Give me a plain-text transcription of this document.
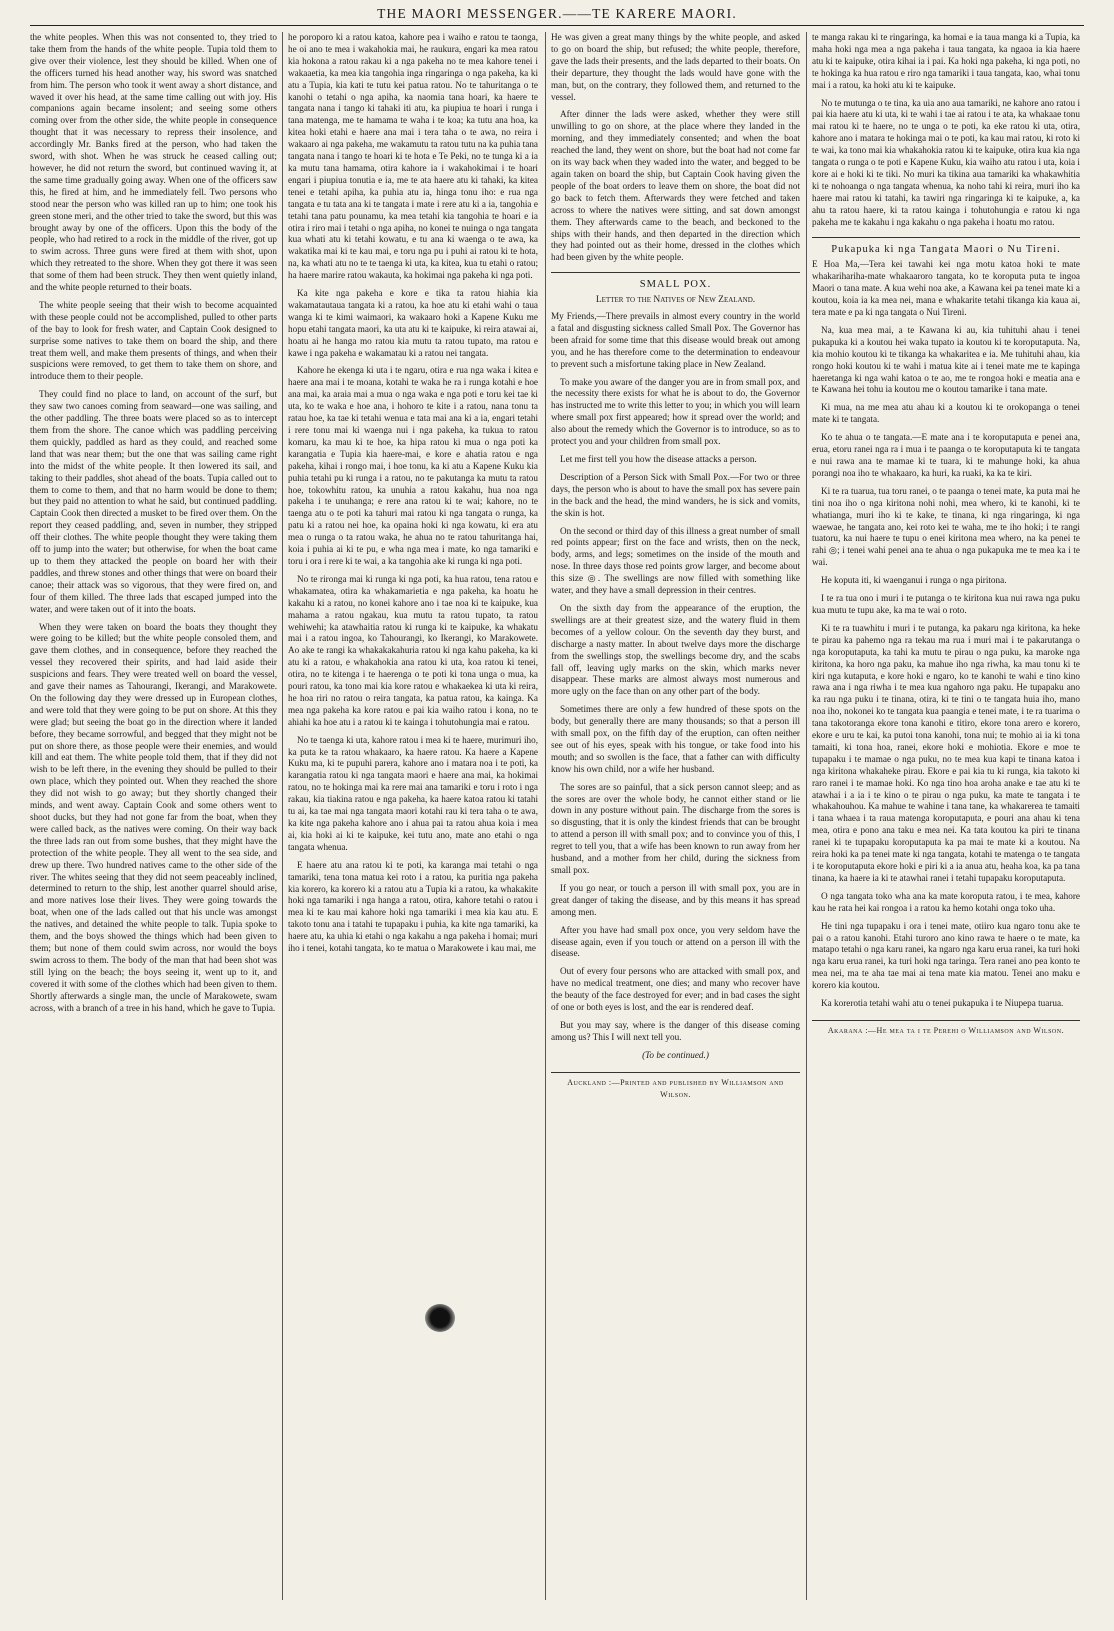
THE MAORI MESSENGER.——TE KARERE MAORI.

the white peoples. When this was not consented to, they tried to take them from the hands of the white people. Tupia told them to give over their violence, lest they should be killed. When one of the officers turned his head another way, his sword was snatched from him. The person who took it went away a short distance, and waved it over his head, at the same time calling out with joy. His companions again became insolent; and seeing some others coming over from the other side, the white people in consequence thought that it was necessary to repress their insolence, and accordingly Mr. Banks fired at the person, who had taken the sword, with shot. When he was struck he ceased calling out; however, he did not return the sword, but continued waving it, at the same time gradually going away. When one of the officers saw this, he fired at him, and he immediately fell. Two persons who stood near the person who was killed ran up to him; one took his green stone meri, and the other tried to take the sword, but this was brought away by one of the officers. Upon this the body of the people, who had retired to a rock in the middle of the river, got up to swim across. Three guns were fired at them with shot, upon which they retreated to the shore. When they got there it was seen that some of them had been struck. They then went quietly inland, and the white people returned to their boats.

The white people seeing that their wish to become acquainted with these people could not be accomplished, pulled to other parts of the bay to look for fresh water, and Captain Cook designed to surprise some natives to take them on board the ship, and there treat them well, and make them presents of things, and when their suspicions were removed, to get them to take them on shore, and introduce them to their people.

They could find no place to land, on account of the surf, but they saw two canoes coming from seaward—one was sailing, and the other paddling. The three boats were placed so as to intercept them from the shore. The canoe which was paddling perceiving them quickly, paddled as hard as they could, and reached some land that was near them; but the one that was sailing came right into the midst of the white people. It then lowered its sail, and taking to their paddles, shot ahead of the boats. Tupia called out to them to come to them, and that no harm would be done to them; but they paid no attention to what he said, but continued paddling. Captain Cook then directed a musket to be fired over them. On the report they ceased paddling, and, seven in number, they stripped off their clothes. The white people thought they were taking them off to jump into the water; but otherwise, for when the boat came up to them they attacked the people on board her with their paddles, and threw stones and other things that were on board their canoe; their attack was so vigorous, that they were fired on, and four of them killed. The three lads that escaped jumped into the water, and were taken out of it into the boats.

When they were taken on board the boats they thought they were going to be killed; but the white people consoled them, and gave them clothes, and in consequence, before they reached the vessel they recovered their spirits, and had laid aside their suspicions and fears. They were treated well on board the vessel, and gave their names as Tahourangi, Ikerangi, and Marakowete. On the following day they were dressed up in European clothes, and were told that they were going to be put on shore. At this they were glad; but seeing the boat go in the direction where it landed before, they became sorrowful, and begged that they might not be put on shore there, as those people were their enemies, and would kill and eat them. The white people told them, that if they did not wish to be left there, in the evening they should be pulled to their own place, which they pointed out. When they reached the shore they did not wish to go away; but they shortly changed their minds, and went away. Captain Cook and some others went to shoot ducks, but they had not gone far from the boat, when they were called back, as the natives were coming. On their way back the three lads ran out from some bushes, that they might have the protection of the white people. They all went to the sea side, and drew up there. Two hundred natives came to the other side of the river. The whites seeing that they did not seem peaceably inclined, determined to return to the ship, lest another quarrel should arise, and more natives lose their lives. They were going towards the boat, when one of the lads called out that his uncle was amongst the natives, and detained the white people to talk. Tupia spoke to them, and the boys showed the things which had been given to them; but none of them could swim across, nor would the boys swim across to them. The body of the man that had been shot was still lying on the beach; the boys seeing it, went up to it, and covered it with some of the clothes which had been given to them. Shortly afterwards a single man, the uncle of Marakowete, swam across, with a branch of a tree in his hand, which he gave to Tupia.

he poroporo ki a ratou katoa, kahore pea i waiho e ratou te taonga, he oi ano te mea i wakahokia mai, he raukura, engari ka mea ratou kia hokona a ratou rakau ki a nga pakeha no te mea kahore tenei i wakaaetia, ka mea kia tangohia inga ringaringa o nga pakeha, ka ki atu a Tupia, kia kati te tutu kei patua ratou. No te tahuritanga o te kanohi o tetahi o nga apiha, ka naomia tana hoari, ka haere te tangata nana i tango ki tahaki iti atu, ka piupiua te hoari i runga i tana matenga, me te hamama te waha i te koa; ka tutu ana hoa, ka kitea hoki etahi e haere ana mai i tera taha o te awa, no reira i wakaaro ai nga pakeha, me wakamutu ta ratou tutu na ka puhia tana tangata nana i tango te hoari ki te hota e Te Peki, no te tunga ki a ia ka mutu tana hamama, otira kahore ia i wakahokimai i te hoari engari i piupiua tonutia e ia, me te ata haere atu ki tahaki, ka kitea tenei e tetahi apiha, ka puhia atu ia, hinga tonu iho: e rua nga tangata e tu tata ana ki te tangata i mate i rere atu ki a ia, tangohia e tetahi tana patu pounamu, ka mea tetahi kia tangohia te hoari e ia otira i riro mai i tetahi o nga apiha, no konei te nuinga o nga tangata kua whati atu ki tetahi kowatu, e tu ana ki waenga o te awa, ka wakatika mai ki te kau mai, e toru nga pu i puhi ai ratou ki te hota, na, ka whati atu no te te taenga ki uta, ka kitea, kua tu etahi o ratou; ha haere marire ratou wakauta, ka hokimai nga pakeha ki nga poti.

Ka kite nga pakeha e kore e tika ta ratou hiahia kia wakamatautaua tangata ki a ratou, ka hoe atu ki etahi wahi o taua wanga ki te kimi waimaori, ka wakaaro hoki a Kapene Kuku me hopu etahi tangata maori, ka uta atu ki te kaipuke, ki reira atawai ai, hoatu ai he hanga mo ratou kia mutu ta ratou tupato, ma ratou e kawe i nga pakeha e wakamatau ki a ratou nei tangata.

Kahore he ekenga ki uta i te ngaru, otira e rua nga waka i kitea e haere ana mai i te moana, kotahi te waka he ra i runga kotahi e hoe ana mai, ka araia mai a mua o nga waka e nga poti e toru kei tae ki uta, ko te waka e hoe ana, i hohoro te kite i a ratou, nana tonu ta ratau hoe, ka tae ki tetahi wenua e tata mai ana ki a ia, engari tetahi i rere tonu mai ki waenga nui i nga pakeha, ka tukua to ratou komaru, ka mau ki te hoe, ka hipa ratou ki mua o nga poti ka karangatia e Tupia kia haere-mai, e kore e ahatia ratou e nga pakeha, kihai i rongo mai, i hoe tonu, ka ki atu a Kapene Kuku kia puhia tetahi pu ki runga i a ratou, no te pakutanga ka mutu ta ratou hoe, tokowhitu ratou, ka unuhia a ratou kakahu, hua noa nga pakeha i te unuhanga; e rere ana ratou ki te wai; kahore, no te taenga atu o te poti ka tahuri mai ratou ki nga tangata o runga, ka patu ki a ratou nei hoe, ka opaina hoki ki nga kowatu, ki era atu mea o runga o ta ratou waka, he ahua no te ratou tahuritanga hai, koia i puhia ai ki te pu, e wha nga mea i mate, ko nga tamariki e toru i ora i rere ki te wai, a ka tangohia ake ki runga ki nga poti.

No te rironga mai ki runga ki nga poti, ka hua ratou, tena ratou e whakamatea, otira ka whakamarietia e nga pakeha, ka hoatu he kakahu ki a ratou, no konei kahore ano i tae noa ki te kaipuke, kua mahama a ratou ngakau, kua mutu ta ratou tupato, ta ratou wehiwehi; ka atawhaitia ratou ki runga ki te kaipuke, ka whakatu mai i a ratou ingoa, ko Tahourangi, ko Ikerangi, ko Marakowete. Ao ake te rangi ka whakakakahuria ratou ki nga kahu pakeha, ka ki atu ki a ratou, e whakahokia ana ratou ki uta, koa ratou ki tenei, otira, no te kitenga i te haerenga o te poti ki tona unga o mua, ka pouri ratou, ka tono mai kia kore ratou e whakaekea ki uta ki reira, he hoa riri no ratou o reira tangata, ka patua ratou, ka kainga. Ka mea nga pakeha ka kore ratou e pai kia waiho ratou i kona, no te ahiahi ka hoe atu i a ratou ki te kainga i tohutohungia mai e ratou.

No te taenga ki uta, kahore ratou i mea ki te haere, murimuri iho, ka puta ke ta ratou whakaaro, ka haere ratou. Ka haere a Kapene Kuku ma, ki te pupuhi parera, kahore ano i matara noa i te poti, ka karangatia ratou ki nga tangata maori e haere ana mai, ka hokimai ratou, no te hokinga mai ka rere mai ana tamariki e toru i roto i nga rakau, kia tiakina ratou e nga pakeha, ka haere katoa ratou ki tatahi tu ai, ka tae mai nga tangata maori kotahi rau ki tera taha o te awa, ka kite nga pakeha kahore ano i ahua pai ta ratou ahua koia i mea ai, kia hoki ai ki te kaipuke, kei tutu ano, mate ano etahi o nga tangata whenua.

E haere atu ana ratou ki te poti, ka karanga mai tetahi o nga tamariki, tena tona matua kei roto i a ratou, ka puritia nga pakeha kia korero, ka korero ki a ratou atu a Tupia ki a ratou, ka whakakite hoki nga tamariki i nga hanga a ratou, otira, kahore tetahi o ratou i mea ki te kau mai kahore hoki nga tamariki i mea kia kau atu. E takoto tonu ana i tatahi te tupapaku i puhia, ka kite nga tamariki, ka haere atu, ka uhia ki etahi o nga kakahu a nga pakeha i homai; muri iho i tenei, kotahi tangata, ko te matua o Marakowete i kau mai, me

He was given a great many things by the white people, and asked to go on board the ship, but refused; the white people, therefore, gave the lads their presents, and the lads departed to their boats. On their departure, they thought the lads would have gone with the man, but, on the contrary, they followed them, and returned to the vessel.

After dinner the lads were asked, whether they were still unwilling to go on shore, at the place where they landed in the morning, and they immediately consented; and when the boat reached the land, they went on shore, but the boat had not come far on its way back when they waded into the water, and begged to be again taken on board the ship, but Captain Cook having given the people of the boat orders to leave them on shore, the boat did not go back to fetch them. Afterwards they were fetched and taken across to where the natives were sitting, and sat down amongst them. They afterwards came to the beach, and beckoned to the ships with their hands, and then departed in the direction which they had pointed out as their home, dressed in the clothes which had been given by the white people.

SMALL POX.
Letter to the Natives of New Zealand.

My Friends,—There prevails in almost every country in the world a fatal and disgusting sickness called Small Pox. The Governor has been afraid for some time that this disease would break out among you, and he has therefore come to the determination to endeavour to prevent such a misfortune taking place in New Zealand.

To make you aware of the danger you are in from small pox, and the necessity there exists for what he is about to do, the Governor has instructed me to write this letter to you; in which you will learn where small pox first appeared; how it spread over the world; and also about the remedy which the Governor is to introduce, so as to protect you and your children from small pox.

Let me first tell you how the disease attacks a person.

Description of a Person Sick with Small Pox.—For two or three days, the person who is about to have the small pox has severe pain in the back and the head, the mind wanders, he is sick and vomits, the skin is hot.

On the second or third day of this illness a great number of small red points appear; first on the face and wrists, then on the neck, body, arms, and legs; sometimes on the inside of the mouth and nose. In three days those red points grow larger, and become about this size ◎. The swellings are now filled with something like water, and they have a small depression in their centres.

On the sixth day from the appearance of the eruption, the swellings are at their greatest size, and the watery fluid in them becomes of a yellow colour. On the seventh day they burst, and discharge a nasty matter. In about twelve days more the discharge from the swellings stop, the swellings become dry, and the scabs fall off, leaving ugly marks on the skin, which marks never disappear. These marks are almost always most numerous and more ugly on the face than on any other part of the body.

Sometimes there are only a few hundred of these spots on the body, but generally there are many thousands; so that a person ill with small pox, on the fifth day of the eruption, can often neither see out of his eyes, speak with his tongue, or take food into his mouth; and so swollen is the face, that a father can with difficulty know his own child, nor a wife her husband.

The sores are so painful, that a sick person cannot sleep; and as the sores are over the whole body, he cannot either stand or lie down in any posture without pain. The discharge from the sores is so disgusting, that it is only the kindest friends that can be brought to attend a person ill with small pox; and to convince you of this, I regret to tell you, that a wife has been known to run away from her husband, and a mother from her child, during the sickness from small pox.

If you go near, or touch a person ill with small pox, you are in great danger of taking the disease, and by this means it has spread among men.

After you have had small pox once, you very seldom have the disease again, even if you touch or attend on a person ill with the disease.

Out of every four persons who are attacked with small pox, and have no medical treatment, one dies; and many who recover have the beauty of the face destroyed for ever; and in bad cases the sight of one or both eyes is lost, and the ear is rendered deaf.

But you may say, where is the danger of this disease coming among us? This I will next tell you.

(To be continued.)
Auckland :—Printed and published by Williamson and Wilson.

te manga rakau ki te ringaringa, ka homai e ia taua manga ki a Tupia, ka maha hoki nga mea a nga pakeha i taua tangata, ka ngaoa ia kia haere atu ki te kaipuke, otira kihai ia i pai. Ka hoki nga pakeha, ki nga poti, no te hokinga ka hua ratou e riro nga tamariki i taua tangata, kao, whai tonu mai i a ratou, ka hoki atu ki te kaipuke.

No te mutunga o te tina, ka uia ano aua tamariki, ne kahore ano ratou i pai kia haere atu ki uta, ki te wahi i tae ai ratou i te ata, ka whakaae tonu mai ratou ki te haere, no te unga o te poti, ka eke ratou ki uta, otira, kahore ano i matara te hokinga mai o te poti, ka kau mai ratou, ki roto ki te wai, ka tono mai kia whakahokia ratou ki te kaipuke, otira kua kia nga tangata o runga o te poti e Kapene Kuku, kia waiho atu ratou i uta, koia i kore ai e hoki ki te tiki. No muri ka tikina aua tamariki ka whakawhitia ki te nohoanga o nga tangata whenua, ka noho tahi ki reira, muri iho ka haere mai ratou ki tatahi, ka tawiri nga ringaringa ki te kaipuke, a, ka ahu ta ratou haere, ki ta ratou kainga i tohutohungia e ratou ki nga pakeha me te kakahu i nga kakahu o nga pakeha i hoatu mo ratou.

Pukapuka ki nga Tangata Maori o Nu Tireni.

E Hoa Ma,—Tera kei tawahi kei nga motu katoa hoki te mate whakarihariha-mate whakaaroro tangata, ko te koroputa puta te ingoa Maori o tana mate. A kua wehi noa ake, a Kawana kei pa tenei mate ki a koutou, koia ia ka mea nei, mana e whakarite tetahi tikanga kia kaua ai, tera mate e pa ki nga tangata o Nui Tireni.

Na, kua mea mai, a te Kawana ki au, kia tuhituhi ahau i tenei pukapuka ki a koutou hei waka tupato ia koutou ki te koroputaputa. Na, kia mohio koutou ki te tikanga ka whakaritea e ia. Me tuhituhi ahau, kia rongo hoki koutou ki te wahi i matua kite ai i tenei mate me te kapinga haeretanga ki nga wahi katoa o te ao, me te rongoa hoki e meatia ana e te Kawana hei tohu ia koutou me o koutou tamarike i tana mate.

Ki mua, na me mea atu ahau ki a koutou ki te orokopanga o tenei mate ki te tangata.

Ko te ahua o te tangata.—E mate ana i te koroputaputa e penei ana, erua, etoru ranei nga ra i mua i te paanga o te koroputaputa ki te tangata e nui rawa ana te mamae ki te tuara, ki te mahunge hoki, ka ahua porangi noa iho te whakaaro, ka huri, ka ruaki, ka ka te kiri.

Ki te ra tuarua, tua toru ranei, o te paanga o tenei mate, ka puta mai he tini noa iho o nga kiritona nohi nohi, mea whero, ki te kanohi, ki te whatianga, muri iho ki te kake, te tinana, ki nga ringaringa, ki nga waewae, he tangata ano, kei roto kei te waha, me te iho hoki; i te rangi tuatoru, ka nui haere te tupu o enei kiritona mea whero, na ka penei te rahi ◎; i tenei wahi penei ana te ahua o nga pukapuka me te mea ka i te wai.

He koputa iti, ki waenganui i runga o nga piritona.

I te ra tua ono i muri i te putanga o te kiritona kua nui rawa nga puku kua mutu te tupu ake, ka ma te wai o roto.

Ki te ra tuawhitu i muri i te putanga, ka pakaru nga kiritona, ka heke te pirau ka pahemo nga ra tekau ma rua i muri mai i te pakarutanga o nga koroputaputa, ka tahi ka mutu te pirau o nga puku, ka maroke nga kiritona, ka horo nga paku, ka mahue iho nga riwha, ka mau tonu ki te kiri nga kutaputa, e kore hoki e ngaro, ko te kanohi te wahi e tino kino rawa ana i nga riwha i te mea kua ngahoro nga paku. He tupapaku ano ka rau nga puku i te tinana, otira, ki te tini o te tangata huia iho, mano noa iho, nokonei ko te tangata kua paangia e tenei mate, i te ra tuarima o tana takotoranga ekore tona kanohi e titiro, ekore tona arero e korero, ekore e uru te kai, ka putoi tona kanohi, tona nui; te mohio ai ia ki tona tamaiti, ki tona hoa, ranei, ekore hoki e mohiotia. Ekore e moe te tupapaku i te mamae o nga puku, no te mea kua kapi te tinana katoa i nga kiritona whakaheke pirau. Ekore e pai kia tu ki runga, kia takoto ki raro ranei i te mamae hoki. Ko nga tino hoa aroha anake e tae atu ki te atawhai i a ia i te kino o te pirau o nga puku, ka mate te tangata i te whakahouhou. Ka mahue te wahine i tana tane, ka whakarerea te tamaiti i tana whaea i ta raua matenga koroputaputa, e pouri ana ahau ki tena mea, otira e pono ana taku e mea nei. Ka tata koutou ka piri te tinana ranei ki te tupapaku koroputaputa ka pa mai te mate ki a koutou. Na reira hoki ka pa tenei mate ki nga tangata, kotahi te matenga o te tangata i te koroputaputa ekore hoki e piri ki a ia anua atu, heaha koa, ka pa tana tinana, ka haere ia ki te atawhai ranei i tetahi tupapaku koroputaputa.

O nga tangata toko wha ana ka mate koroputa ratou, i te mea, kahore kau he rata hei kai rongoa i a ratou ka hemo kotahi onga toko uha.

He tini nga tupapaku i ora i tenei mate, otiiro kua ngaro tonu ake te pai o a ratou kanohi. Etahi turoro ano kino rawa te haere o te mate, ka matapo tetahi o nga karu ranei, ka ngaro nga karu erua ranei, ka turi hoki nga karu erua ranei, ka turi hoki nga taringa. Tera ranei ano pea konto te mea nei, ma te aha tae mai ai tena mate kia matou. Tenei ano maku e korero kia koutou.

Ka korerotia tetahi wahi atu o tenei pukapuka i te Niupepa tuarua.

Akarana :—He mea ta i te Perehi o Williamson and Wilson.
